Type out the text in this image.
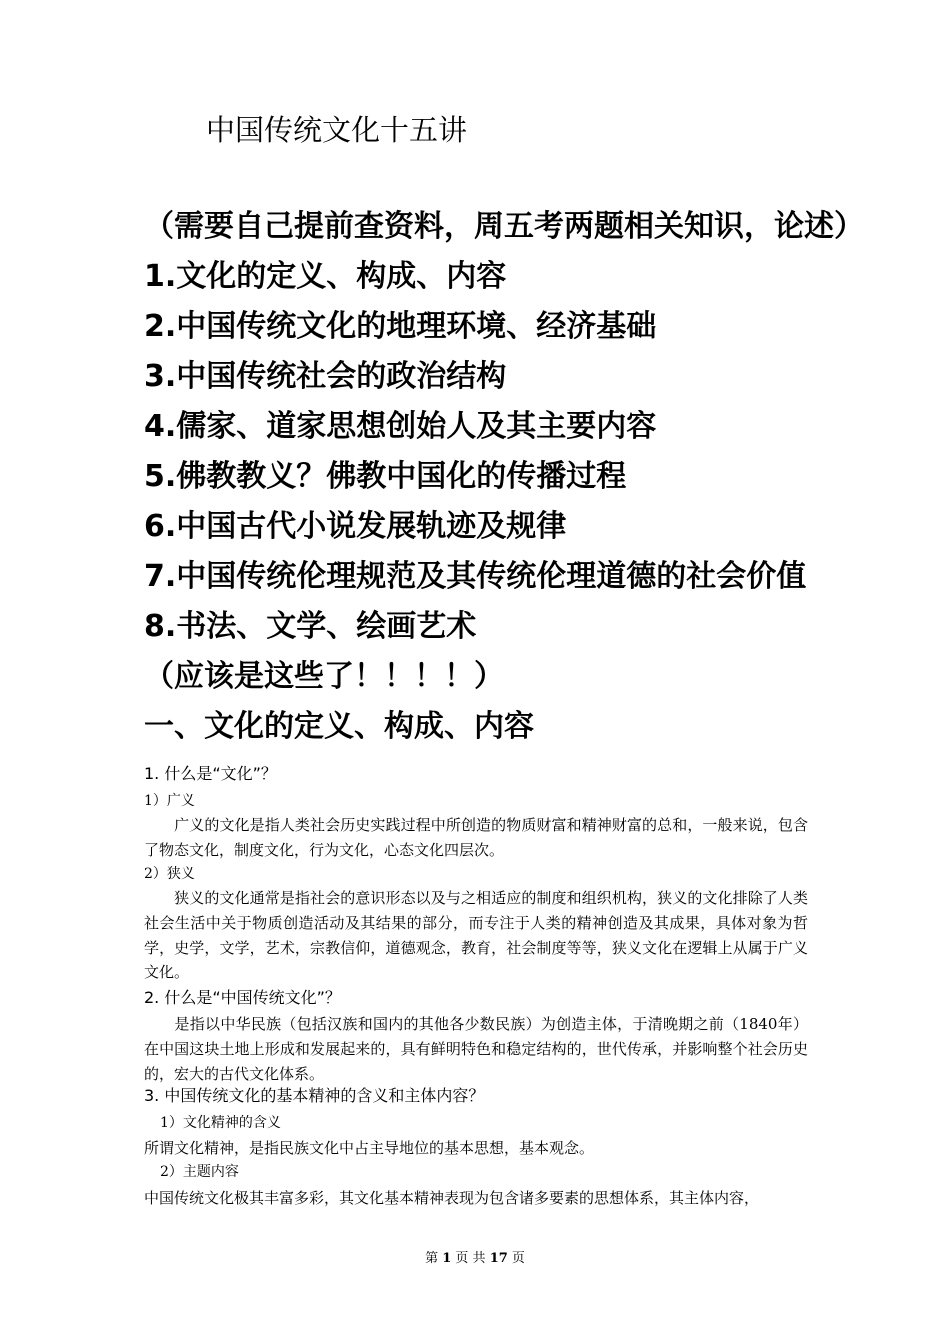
中国传统文化十五讲
（需要自己提前查资料，周五考两题相关知识，论述）
1.文化的定义、构成、内容
2.中国传统文化的地理环境、经济基础
3.中国传统社会的政治结构
4.儒家、道家思想创始人及其主要内容
5.佛教教义？佛教中国化的传播过程
6.中国古代小说发展轨迹及规律
7.中国传统伦理规范及其传统伦理道德的社会价值
8.书法、文学、绘画艺术
（应该是这些了！！！！）
一、文化的定义、构成、内容
1. 什么是“文化”？
1）广义
　　广义的文化是指人类社会历史实践过程中所创造的物质财富和精神财富的总和，一般来说，包含了物态文化，制度文化，行为文化，心态文化四层次。
2）狭义
　　狭义的文化通常是指社会的意识形态以及与之相适应的制度和组织机构，狭义的文化排除了人类社会生活中关于物质创造活动及其结果的部分，而专注于人类的精神创造及其成果，具体对象为哲学，史学，文学，艺术，宗教信仰，道德观念，教育，社会制度等等，狭义文化在逻辑上从属于广义文化。
2. 什么是“中国传统文化”？
　　是指以中华民族（包括汉族和国内的其他各少数民族）为创造主体，于清晚期之前（1840年）在中国这块土地上形成和发展起来的，具有鲜明特色和稳定结构的，世代传承，并影响整个社会历史的，宏大的古代文化体系。
3. 中国传统文化的基本精神的含义和主体内容？
1）文化精神的含义
所谓文化精神，是指民族文化中占主导地位的基本思想，基本观念。
2）主题内容
中国传统文化极其丰富多彩，其文化基本精神表现为包含诸多要素的思想体系，其主体内容，
第 1 页 共 17 页
